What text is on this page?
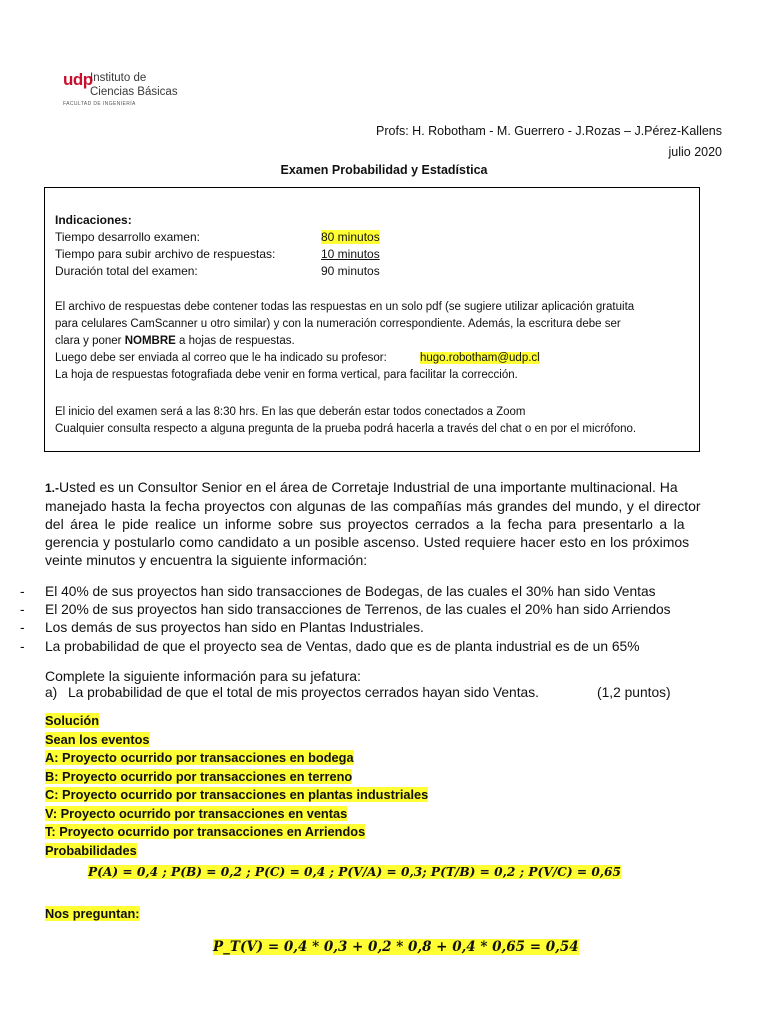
udp
Instituto de
Ciencias Básicas
FACULTAD DE INGENIERÍA
Profs: H. Robotham - M. Guerrero - J.Rozas – J.Pérez-Kallens
julio 2020
Examen Probabilidad y Estadística
Indicaciones:
Tiempo desarrollo examen:	80 minutos
Tiempo para subir archivo de respuestas:	10 minutos
Duración total del examen:	90 minutos
El archivo de respuestas debe contener todas las respuestas en un solo pdf (se sugiere utilizar aplicación gratuita
para celulares CamScanner u otro similar) y con la numeración correspondiente. Además, la escritura debe ser
clara y poner NOMBRE a hojas de respuestas.
Luego debe ser enviada al correo que le ha indicado su profesor:	hugo.robotham@udp.cl
La hoja de respuestas fotografiada debe venir en forma vertical, para facilitar la corrección.
El inicio del examen será a las 8:30 hrs. En las que deberán estar todos conectados a Zoom
Cualquier consulta respecto a alguna pregunta de la prueba podrá hacerla a través del chat o en por el micrófono.
1.-Usted es un Consultor Senior en el área de Corretaje Industrial de una importante multinacional. Ha
manejado hasta la fecha proyectos con algunas de las compañías más grandes del mundo, y el director
del área le pide realice un informe sobre sus proyectos cerrados a la fecha para presentarlo a la
gerencia y postularlo como candidato a un posible ascenso. Usted requiere hacer esto en los próximos
veinte minutos y encuentra la siguiente información:
-	El 40% de sus proyectos han sido transacciones de Bodegas, de las cuales el 30% han sido Ventas
-	El 20% de sus proyectos han sido transacciones de Terrenos, de las cuales el 20% han sido Arriendos
-	Los demás de sus proyectos han sido en Plantas Industriales.
-	La probabilidad de que el proyecto sea de Ventas, dado que es de planta industrial es de un 65%
Complete la siguiente información para su jefatura:
a) La probabilidad de que el total de mis proyectos cerrados hayan sido Ventas.	(1,2 puntos)
Solución
Sean los eventos
A: Proyecto ocurrido por transacciones en bodega
B: Proyecto ocurrido por transacciones en terreno
C: Proyecto ocurrido por transacciones en plantas industriales
V: Proyecto ocurrido por transacciones en ventas
T: Proyecto ocurrido por transacciones en Arriendos
Probabilidades
P(A) = 0,4 ; P(B) = 0,2 ; P(C) = 0,4 ; P(V/A) = 0,3; P(T/B) = 0,2 ; P(V/C) = 0,65
Nos preguntan:
P_T(V) = 0,4 * 0,3 + 0,2 * 0,8 + 0,4 * 0,65 = 0,54
